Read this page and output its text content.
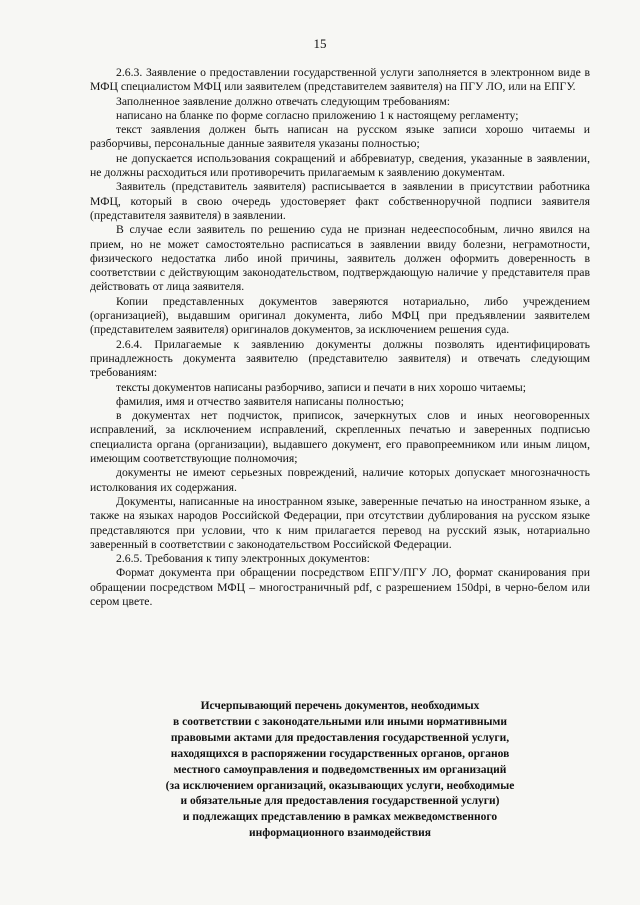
15

2.6.3. Заявление о предоставлении государственной услуги заполняется в электронном виде в МФЦ специалистом МФЦ или заявителем (представителем заявителя) на ПГУ ЛО, или на ЕПГУ.

Заполненное заявление должно отвечать следующим требованиям:

написано на бланке по форме согласно приложению 1 к настоящему регламенту;

текст заявления должен быть написан на русском языке записи хорошо читаемы и разборчивы, персональные данные заявителя указаны полностью;

не допускается использования сокращений и аббревиатур, сведения, указанные в заявлении, не должны расходиться или противоречить прилагаемым к заявлению документам.

Заявитель (представитель заявителя) расписывается в заявлении в присутствии работника МФЦ, который в свою очередь удостоверяет факт собственноручной подписи заявителя (представителя заявителя) в заявлении.

В случае если заявитель по решению суда не признан недееспособным, лично явился на прием, но не может самостоятельно расписаться в заявлении ввиду болезни, неграмотности, физического недостатка либо иной причины, заявитель должен оформить доверенность в соответствии с действующим законодательством, подтверждающую наличие у представителя прав действовать от лица заявителя.

Копии представленных документов заверяются нотариально, либо учреждением (организацией), выдавшим оригинал документа, либо МФЦ при предъявлении заявителем (представителем заявителя) оригиналов документов, за исключением решения суда.

2.6.4. Прилагаемые к заявлению документы должны позволять идентифицировать принадлежность документа заявителю (представителю заявителя) и отвечать следующим требованиям:

тексты документов написаны разборчиво, записи и печати в них хорошо читаемы;

фамилия, имя и отчество заявителя написаны полностью;

в документах нет подчисток, приписок, зачеркнутых слов и иных неоговоренных исправлений, за исключением исправлений, скрепленных печатью и заверенных подписью специалиста органа (организации), выдавшего документ, его правопреемником или иным лицом, имеющим соответствующие полномочия;

документы не имеют серьезных повреждений, наличие которых допускает многозначность истолкования их содержания.

Документы, написанные на иностранном языке, заверенные печатью на иностранном языке, а также на языках народов Российской Федерации, при отсутствии дублирования на русском языке представляются при условии, что к ним прилагается перевод на русский язык, нотариально заверенный в соответствии с законодательством Российской Федерации.

2.6.5. Требования к типу электронных документов:

Формат документа при обращении посредством ЕПГУ/ПГУ ЛО, формат сканирования при обращении посредством МФЦ – многостраничный pdf, с разрешением 150dpi, в черно-белом или сером цвете.

Исчерпывающий перечень документов, необходимых
в соответствии с законодательными или иными нормативными
правовыми актами для предоставления государственной услуги,
находящихся в распоряжении государственных органов, органов
местного самоуправления и подведомственных им организаций
(за исключением организаций, оказывающих услуги, необходимые
и обязательные для предоставления государственной услуги)
и подлежащих представлению в рамках межведомственного
информационного взаимодействия
